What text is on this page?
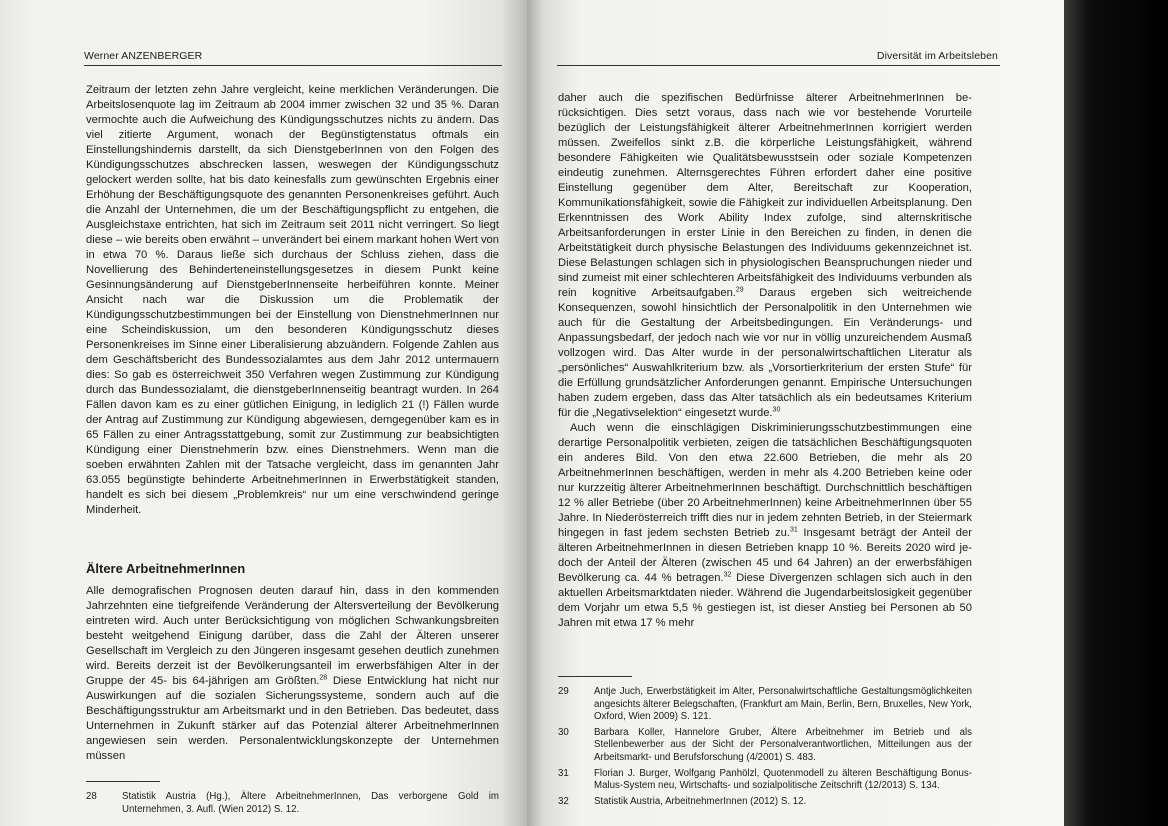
Werner ANZENBERGER

Zeitraum der letzten zehn Jahre vergleicht, keine merklichen Veränderungen. Die Arbeitslosenquote lag im Zeitraum ab 2004 immer zwischen 32 und 35 %. Daran vermochte auch die Aufweichung des Kündigungsschutzes nichts zu ändern. Das viel zitierte Argument, wonach der Begünstigtenstatus oftmals ein Einstellungshindernis darstellt, da sich DienstgeberInnen von den Folgen des Kündigungsschutzes abschrecken lassen, weswegen der Kündigungsschutz gelockert werden sollte, hat bis dato keinesfalls zum gewünschten Ergebnis einer Erhöhung der Beschäftigungsquote des genannten Personenkreises geführt. Auch die Anzahl der Unternehmen, die um der Beschäftigungspflicht zu entgehen, die Ausgleichstaxe entrichten, hat sich im Zeitraum seit 2011 nicht verringert. So liegt diese – wie bereits oben erwähnt – unverändert bei einem markant hohen Wert von in etwa 70 %. Daraus ließe sich durchaus der Schluss ziehen, dass die Novellierung des Behinderteneinstellungsgesetzes in diesem Punkt keine Gesinnungsänderung auf DienstgeberInnenseite herbeiführen konnte. Meiner Ansicht nach war die Diskussion um die Problematik der Kündigungsschutzbestimmungen bei der Einstellung von DienstnehmerInnen nur eine Scheindiskussion, um den besonderen Kündigungsschutz dieses Personenkreises im Sinne einer Liberalisierung abzuändern. Folgende Zahlen aus dem Geschäftsbericht des Bundessozialamtes aus dem Jahr 2012 untermauern dies: So gab es österreichweit 350 Verfahren wegen Zustimmung zur Kündigung durch das Bundessozialamt, die dienstgeberInnenseitig beantragt wurden. In 264 Fällen davon kam es zu einer gütlichen Einigung, in lediglich 21 (!) Fällen wurde der Antrag auf Zustimmung zur Kündigung abgewiesen, demgegenüber kam es in 65 Fällen zu einer Antragsstattgebung, somit zur Zustimmung zur beabsichtigten Kündigung einer Dienstnehmerin bzw. eines Dienstnehmers. Wenn man die soeben erwähnten Zahlen mit der Tatsache vergleicht, dass im genannten Jahr 63.055 begünstigte behinderte ArbeitnehmerInnen in Erwerbstätigkeit standen, handelt es sich bei diesem „Problemkreis“ nur um eine verschwindend geringe Minderheit.

Ältere ArbeitnehmerInnen

Alle demografischen Prognosen deuten darauf hin, dass in den kommenden Jahrzehnten eine tiefgreifende Veränderung der Altersverteilung der Bevölkerung eintreten wird. Auch unter Berücksichtigung von möglichen Schwankungsbreiten besteht weitgehend Einigung darüber, dass die Zahl der Älteren unserer Gesellschaft im Vergleich zu den Jüngeren insgesamt gesehen deutlich zunehmen wird. Bereits derzeit ist der Bevölkerungsanteil im erwerbsfähigen Alter in der Gruppe der 45- bis 64-jährigen am Größten.$^{28}$ Diese Entwicklung hat nicht nur Auswirkungen auf die sozialen Sicherungssysteme, sondern auch auf die Beschäftigungsstruktur am Arbeitsmarkt und in den Betrieben. Das bedeutet, dass Unternehmen in Zukunft stärker auf das Potenzial älterer ArbeitnehmerInnen angewiesen sein werden. Personalentwicklungskonzepte der Unternehmen müssen

28	Statistik Austria (Hg.), Ältere ArbeitnehmerInnen, Das verborgene Gold im Unternehmen, 3. Aufl. (Wien 2012) S. 12.
Diversität im Arbeitsleben

daher auch die spezifischen Bedürfnisse älterer ArbeitnehmerInnen berücksichtigen. Dies setzt voraus, dass nach wie vor bestehende Vorurteile bezüglich der Leistungsfähigkeit älterer ArbeitnehmerInnen korrigiert werden müssen. Zweifellos sinkt z.B. die körperliche Leistungsfähigkeit, während besondere Fähigkeiten wie Qualitätsbewusstsein oder soziale Kompetenzen eindeutig zunehmen. Alternsgerechtes Führen erfordert daher eine positive Einstellung gegenüber dem Alter, Bereitschaft zur Kooperation, Kommunikationsfähigkeit, sowie die Fähigkeit zur individuellen Arbeitsplanung. Den Erkenntnissen des Work Ability Index zufolge, sind alternskritische Arbeitsanforderungen in erster Linie in den Bereichen zu finden, in denen die Arbeitstätigkeit durch physische Belastungen des Individuums gekennzeichnet ist. Diese Belastungen schlagen sich in physiologischen Beanspruchungen nieder und sind zumeist mit einer schlechteren Arbeitsfähigkeit des Individuums verbunden als rein kognitive Arbeitsaufgaben.$^{29}$ Daraus ergeben sich weitreichende Konsequenzen, sowohl hinsichtlich der Personalpolitik in den Unternehmen wie auch für die Gestaltung der Arbeitsbedingungen. Ein Veränderungs- und Anpassungsbedarf, der jedoch nach wie vor nur in völlig unzureichendem Ausmaß vollzogen wird. Das Alter wurde in der personalwirtschaftlichen Literatur als „persönliches“ Auswahlkriterium bzw. als „Vorsortierkriterium der ersten Stufe“ für die Erfüllung grundsätzlicher Anforderungen genannt. Empirische Untersuchungen haben zudem ergeben, dass das Alter tatsächlich als ein bedeutsames Kriterium für die „Negativselektion“ eingesetzt wurde.$^{30}$

Auch wenn die einschlägigen Diskriminierungsschutzbestimmungen eine derartige Personalpolitik verbieten, zeigen die tatsächlichen Beschäftigungsquoten ein anderes Bild. Von den etwa 22.600 Betrieben, die mehr als 20 ArbeitnehmerInnen beschäftigen, werden in mehr als 4.200 Betrieben keine oder nur kurzzeitig älterer ArbeitnehmerInnen beschäftigt. Durchschnittlich beschäftigen 12 % aller Betriebe (über 20 ArbeitnehmerInnen) keine ArbeitnehmerInnen über 55 Jahre. In Niederösterreich trifft dies nur in jedem zehnten Betrieb, in der Steiermark hingegen in fast jedem sechsten Betrieb zu.$^{31}$ Insgesamt beträgt der Anteil der älteren ArbeitnehmerInnen in diesen Betrieben knapp 10 %. Bereits 2020 wird jedoch der Anteil der Älteren (zwischen 45 und 64 Jahren) an der erwerbsfähigen Bevölkerung ca. 44 % betragen.$^{32}$ Diese Divergenzen schlagen sich auch in den aktuellen Arbeitsmarktdaten nieder. Während die Jugendarbeitslosigkeit gegenüber dem Vorjahr um etwa 5,5 % gestiegen ist, ist dieser Anstieg bei Personen ab 50 Jahren mit etwa 17 % mehr

29	Antje Juch, Erwerbstätigkeit im Alter, Personalwirtschaftliche Gestaltungsmöglichkeiten angesichts älterer Belegschaften, (Frankfurt am Main, Berlin, Bern, Bruxelles, New York, Oxford, Wien 2009) S. 121.
30	Barbara Koller, Hannelore Gruber, Ältere Arbeitnehmer im Betrieb und als Stellenbewerber aus der Sicht der Personalverantwortlichen, Mitteilungen aus der Arbeitsmarkt- und Berufsforschung (4/2001) S. 483.
31	Florian J. Burger, Wolfgang Panhölzl, Quotenmodell zu älteren Beschäftigung Bonus-Malus-System neu, Wirtschafts- und sozialpolitische Zeitschrift (12/2013) S. 134.
32	Statistik Austria, ArbeitnehmerInnen (2012) S. 12.
